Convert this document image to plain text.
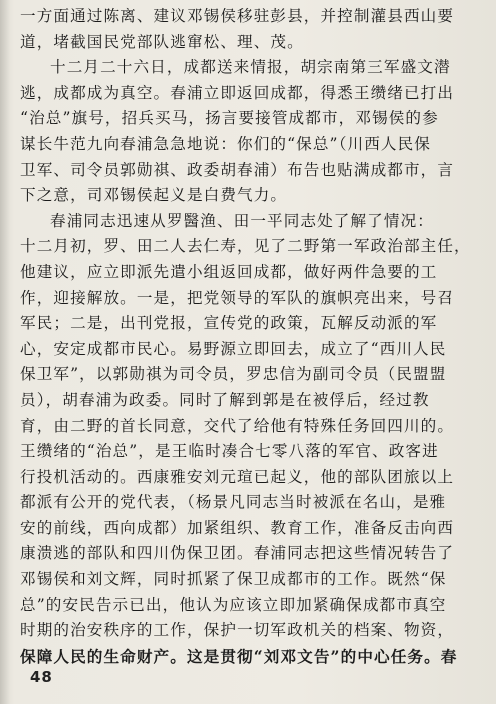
一方面通过陈离、建议邓锡侯移驻彭县，并控制灌县西山要
道，堵截国民党部队逃窜松、理、茂。
十二月二十六日，成都送来情报，胡宗南第三军盛文潜
逃，成都成为真空。春浦立即返回成都，得悉王缵绪已打出
“治总”旗号，招兵买马，扬言要接管成都市，邓锡侯的参
谋长牛范九向春浦急急地说：你们的“保总”（川西人民保
卫军、司令员郭勋祺、政委胡春浦）布告也贴满成都市，言
下之意，司邓锡侯起义是白费气力。
春浦同志迅速从罗醫渔、田一平同志处了解了情况：
十二月初，罗、田二人去仁寿，见了二野第一军政治部主任，
他建议，应立即派先遣小组返回成都，做好两件急要的工
作，迎接解放。一是，把党领导的军队的旗帜亮出来，号召
军民；二是，出刊党报，宣传党的政策，瓦解反动派的军
心，安定成都市民心。易野源立即回去，成立了“西川人民
保卫军”，以郭勋祺为司令员，罗忠信为副司令员（民盟盟
员），胡春浦为政委。同时了解到郭是在被俘后，经过教
育，由二野的首长同意，交代了给他有特殊任务回四川的。
王缵绪的“治总”，是王临时凑合七零八落的军官、政客进
行投机活动的。西康雅安刘元瑄已起义，他的部队团旅以上
都派有公开的党代表，（杨景凡同志当时被派在名山，是雅
安的前线，西向成都）加紧组织、教育工作，准备反击向西
康溃逃的部队和四川伪保卫团。春浦同志把这些情况转告了
邓锡侯和刘文辉，同时抓紧了保卫成都市的工作。既然“保
总”的安民告示已出，他认为应该立即加紧确保成都市真空
时期的治安秩序的工作，保护一切军政机关的档案、物资，
保障人民的生命财产。这是贯彻“刘邓文告”的中心任务。春
48
